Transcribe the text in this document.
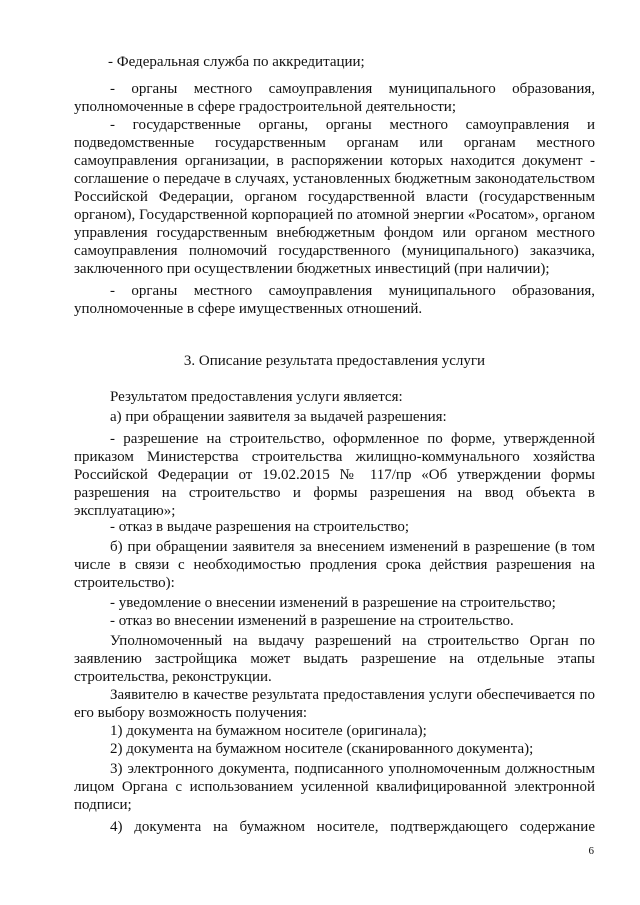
- Федеральная служба по аккредитации;

- органы местного самоуправления муниципального образования, уполномоченные в сфере градостроительной деятельности;

- государственные органы, органы местного самоуправления и подведомственные государственным органам или органам местного самоуправления организации, в распоряжении которых находится документ - соглашение о передаче в случаях, установленных бюджетным законодательством Российской Федерации, органом государственной власти (государственным органом), Государственной корпорацией по атомной энергии «Росатом», органом управления государственным внебюджетным фондом или органом местного самоуправления полномочий государственного (муниципального) заказчика, заключенного при осуществлении бюджетных инвестиций (при наличии);

- органы местного самоуправления муниципального образования, уполномоченные в сфере имущественных отношений.

3. Описание результата предоставления услуги

Результатом предоставления услуги является:

а) при обращении заявителя за выдачей разрешения:

- разрешение на строительство, оформленное по форме, утвержденной приказом Министерства строительства жилищно-коммунального хозяйства Российской Федерации от 19.02.2015 № 117/пр «Об утверждении формы разрешения на строительство и формы разрешения на ввод объекта в эксплуатацию»;

- отказ в выдаче разрешения на строительство;

б) при обращении заявителя за внесением изменений в разрешение (в том числе в связи с необходимостью продления срока действия разрешения на строительство):

- уведомление о внесении изменений в разрешение на строительство;

- отказ во внесении изменений в разрешение на строительство.

Уполномоченный на выдачу разрешений на строительство Орган по заявлению застройщика может выдать разрешение на отдельные этапы строительства, реконструкции.

Заявителю в качестве результата предоставления услуги обеспечивается по его выбору возможность получения:

1) документа на бумажном носителе (оригинала);

2) документа на бумажном носителе (сканированного документа);

3) электронного документа, подписанного уполномоченным должностным лицом Органа с использованием усиленной квалифицированной электронной подписи;

4) документа на бумажном носителе, подтверждающего содержание

6
